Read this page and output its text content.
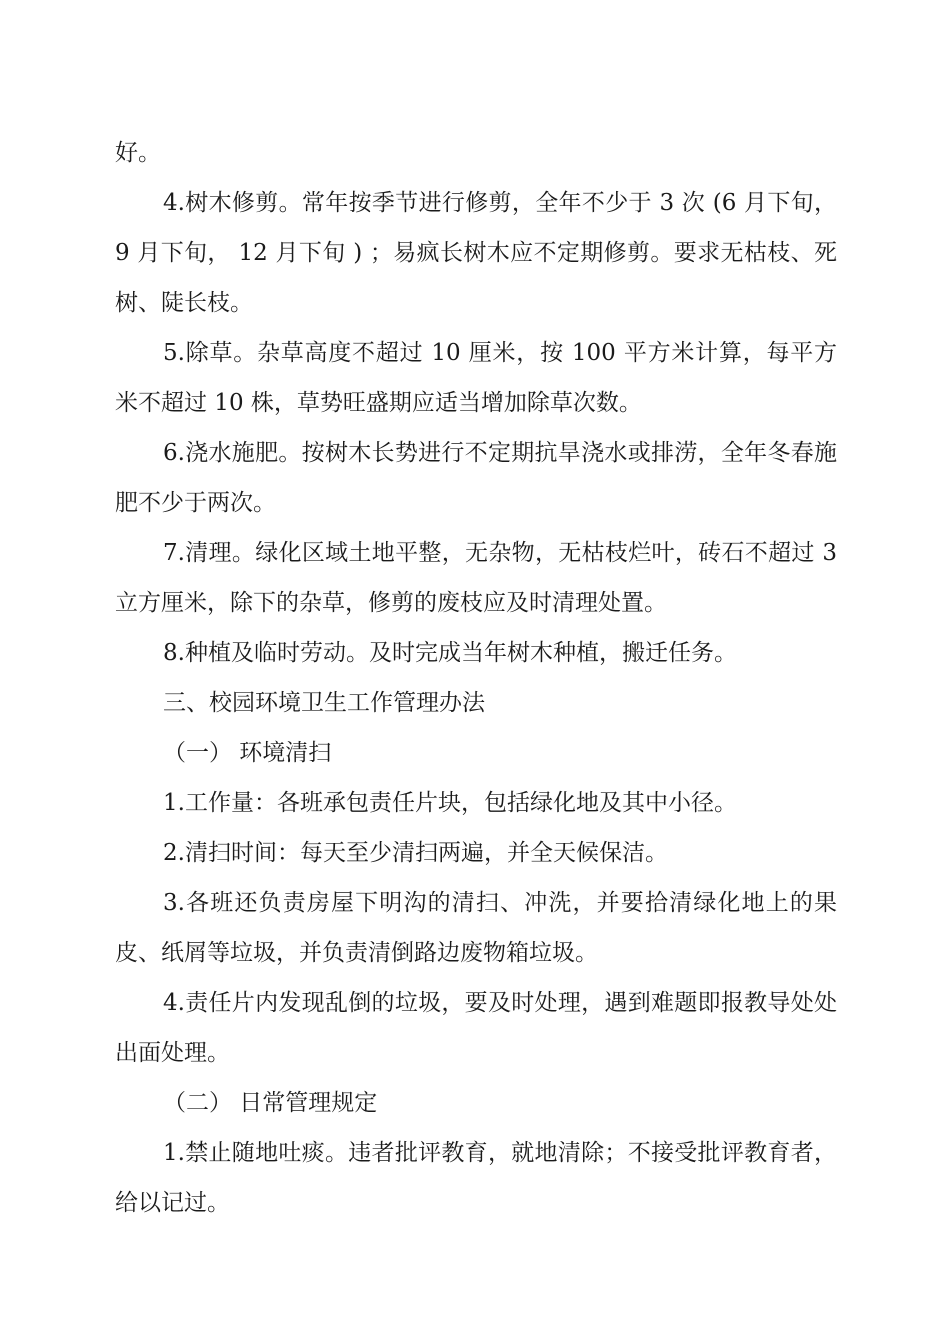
好。

4.树木修剪。常年按季节进行修剪，全年不少于 3 次 (6 月下旬， 9 月下旬， 12 月下旬 ) ；易疯长树木应不定期修剪。要求无枯枝、死树、陡长枝。

5.除草。杂草高度不超过 10 厘米，按 100 平方米计算，每平方米不超过 10 株，草势旺盛期应适当增加除草次数。

6.浇水施肥。按树木长势进行不定期抗旱浇水或排涝，全年冬春施肥不少于两次。

7.清理。绿化区域土地平整，无杂物，无枯枝烂叶，砖石不超过 3 立方厘米，除下的杂草，修剪的废枝应及时清理处置。

8.种植及临时劳动。及时完成当年树木种植，搬迁任务。

三、校园环境卫生工作管理办法

（一） 环境清扫

1.工作量：各班承包责任片块，包括绿化地及其中小径。

2.清扫时间：每天至少清扫两遍，并全天候保洁。

3.各班还负责房屋下明沟的清扫、冲洗，并要拾清绿化地上的果皮、纸屑等垃圾，并负责清倒路边废物箱垃圾。

4.责任片内发现乱倒的垃圾，要及时处理，遇到难题即报教导处处出面处理。

（二） 日常管理规定

1.禁止随地吐痰。违者批评教育，就地清除；不接受批评教育者，给以记过。
